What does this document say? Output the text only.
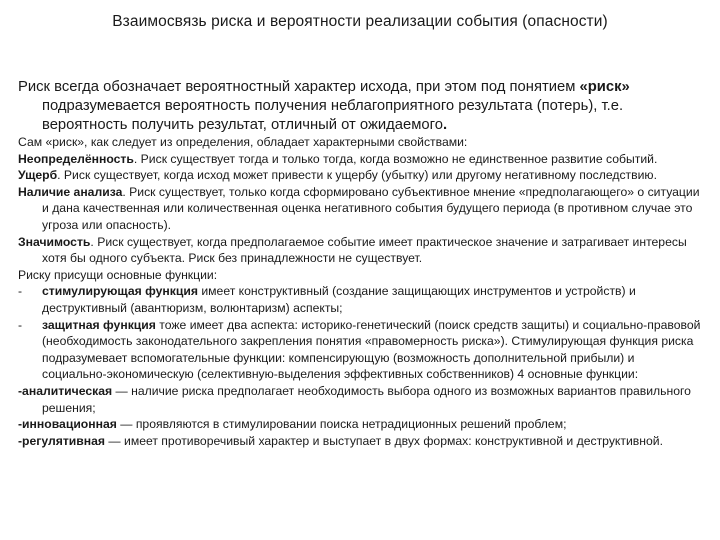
Взаимосвязь риска и вероятности реализации события (опасности)
Риск всегда обозначает вероятностный характер исхода, при этом под понятием «риск» подразумевается вероятность получения неблагоприятного результата (потерь), т.е. вероятность получить результат, отличный от ожидаемого.
Сам «риск», как следует из определения, обладает характерными свойствами:
Неопределённость. Риск существует тогда и только тогда, когда возможно не единственное развитие событий.
Ущерб. Риск существует, когда исход может привести к ущербу (убытку) или другому негативному последствию.
Наличие анализа. Риск существует, только когда сформировано субъективное мнение «предполагающего» о ситуации и дана качественная или количественная оценка негативного события будущего периода (в противном случае это угроза или опасность).
Значимость. Риск существует, когда предполагаемое событие имеет практическое значение и затрагивает интересы хотя бы одного субъекта. Риск без принадлежности не существует.
Риску присущи основные функции:
- стимулирующая функция имеет конструктивный (создание защищающих инструментов и устройств) и деструктивный (авантюризм, волюнтаризм) аспекты;
- защитная функция тоже имеет два аспекта: историко-генетический (поиск средств защиты) и социально-правовой (необходимость законодательного закрепления понятия «правомерность риска»). Стимулирующая функция риска подразумевает вспомогательные функции: компенсирующую (возможность дополнительной прибыли) и социально-экономическую (селективную-выделения эффективных собственников) 4 основные функции:
-аналитическая — наличие риска предполагает необходимость выбора одного из возможных вариантов правильного решения;
-инновационная — проявляются в стимулировании поиска нетрадиционных решений проблем;
-регулятивная — имеет противоречивый характер и выступает в двух формах: конструктивной и деструктивной.
